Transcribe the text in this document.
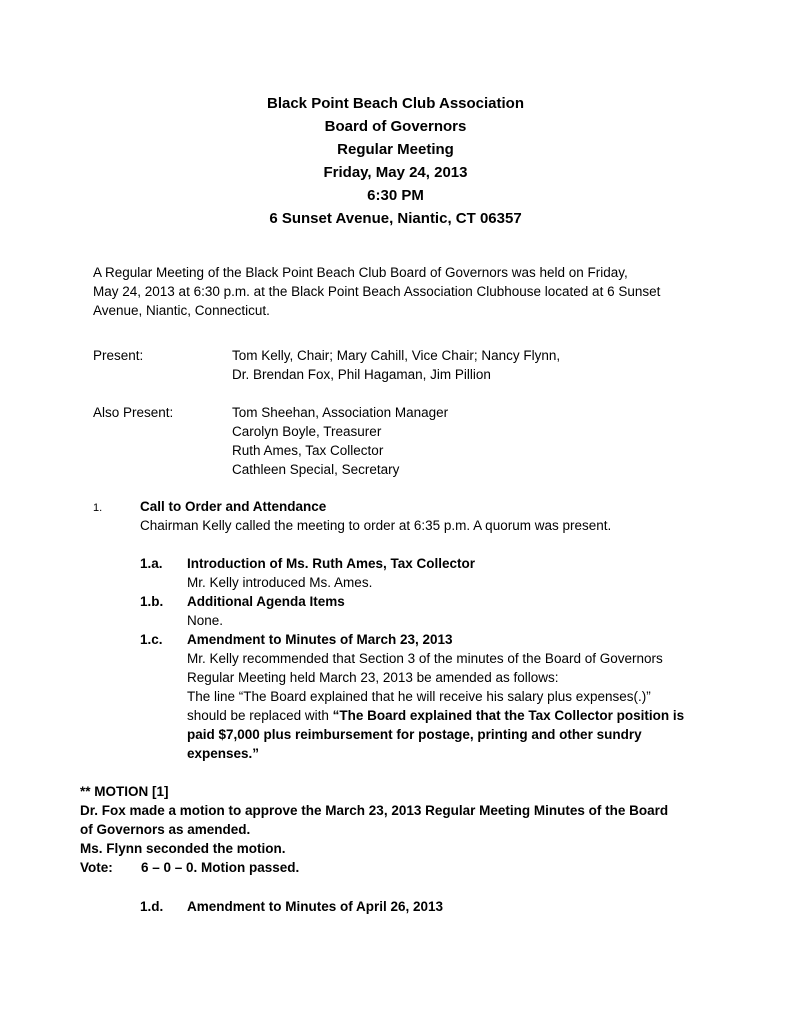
Black Point Beach Club Association
Board of Governors
Regular Meeting
Friday, May 24, 2013
6:30 PM
6 Sunset Avenue, Niantic, CT 06357
A Regular Meeting of the Black Point Beach Club Board of Governors was held on Friday,
May 24, 2013 at 6:30 p.m. at the Black Point Beach Association Clubhouse located at 6 Sunset
Avenue, Niantic, Connecticut.
Present:	Tom Kelly, Chair; Mary Cahill, Vice Chair; Nancy Flynn,
Dr. Brendan Fox, Phil Hagaman, Jim Pillion
Also Present:	Tom Sheehan, Association Manager
Carolyn Boyle, Treasurer
Ruth Ames, Tax Collector
Cathleen Special, Secretary
1.	Call to Order and Attendance
Chairman Kelly called the meeting to order at 6:35 p.m. A quorum was present.
1.a. Introduction of Ms. Ruth Ames, Tax Collector
Mr. Kelly introduced Ms. Ames.
1.b. Additional Agenda Items
None.
1.c. Amendment to Minutes of March 23, 2013
Mr. Kelly recommended that Section 3 of the minutes of the Board of Governors
Regular Meeting held March 23, 2013 be amended as follows:
The line “The Board explained that he will receive his salary plus expenses(.)”
should be replaced with “The Board explained that the Tax Collector position is
paid $7,000 plus reimbursement for postage, printing and other sundry
expenses.”
** MOTION [1]
Dr. Fox made a motion to approve the March 23, 2013 Regular Meeting Minutes of the Board
of Governors as amended.
Ms. Flynn seconded the motion.
Vote: 6 – 0 – 0. Motion passed.
1.d. Amendment to Minutes of April 26, 2013
